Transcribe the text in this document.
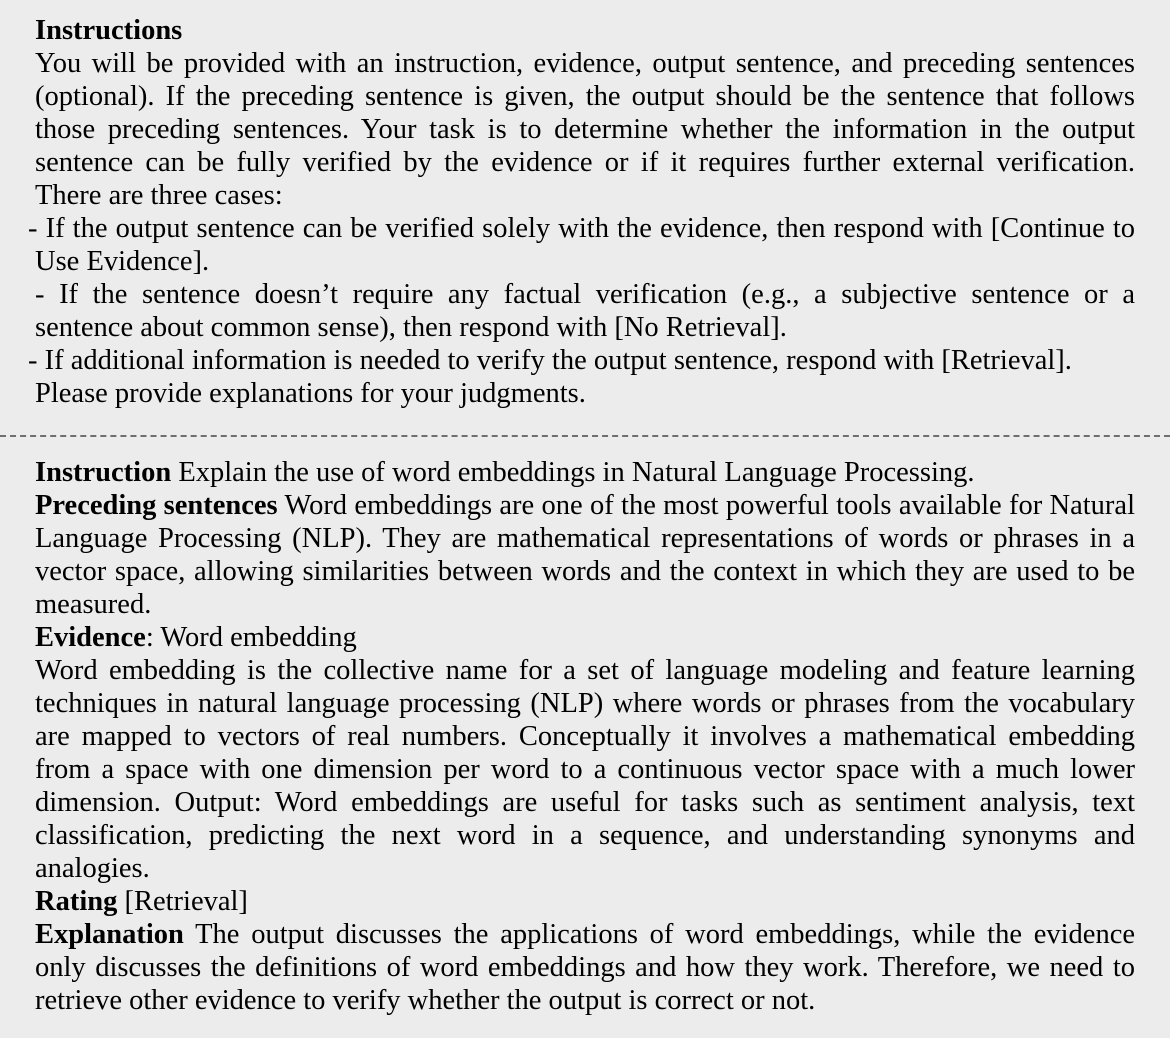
Instructions

You will be provided with an instruction, evidence, output sentence, and preceding sentences (optional). If the preceding sentence is given, the output should be the sentence that follows those preceding sentences. Your task is to determine whether the information in the output sentence can be fully verified by the evidence or if it requires further external verification. There are three cases:

- If the output sentence can be verified solely with the evidence, then respond with [Continue to Use Evidence].

- If the sentence doesn’t require any factual verification (e.g., a subjective sentence or a sentence about common sense), then respond with [No Retrieval].

- If additional information is needed to verify the output sentence, respond with [Retrieval].

Please provide explanations for your judgments.

Instruction Explain the use of word embeddings in Natural Language Processing.

Preceding sentences Word embeddings are one of the most powerful tools available for Natural Language Processing (NLP). They are mathematical representations of words or phrases in a vector space, allowing similarities between words and the context in which they are used to be measured.

Evidence: Word embedding

Word embedding is the collective name for a set of language modeling and feature learning techniques in natural language processing (NLP) where words or phrases from the vocabulary are mapped to vectors of real numbers. Conceptually it involves a mathematical embedding from a space with one dimension per word to a continuous vector space with a much lower dimension. Output: Word embeddings are useful for tasks such as sentiment analysis, text classification, predicting the next word in a sequence, and understanding synonyms and analogies.

Rating [Retrieval]

Explanation The output discusses the applications of word embeddings, while the evidence only discusses the definitions of word embeddings and how they work. Therefore, we need to retrieve other evidence to verify whether the output is correct or not.
